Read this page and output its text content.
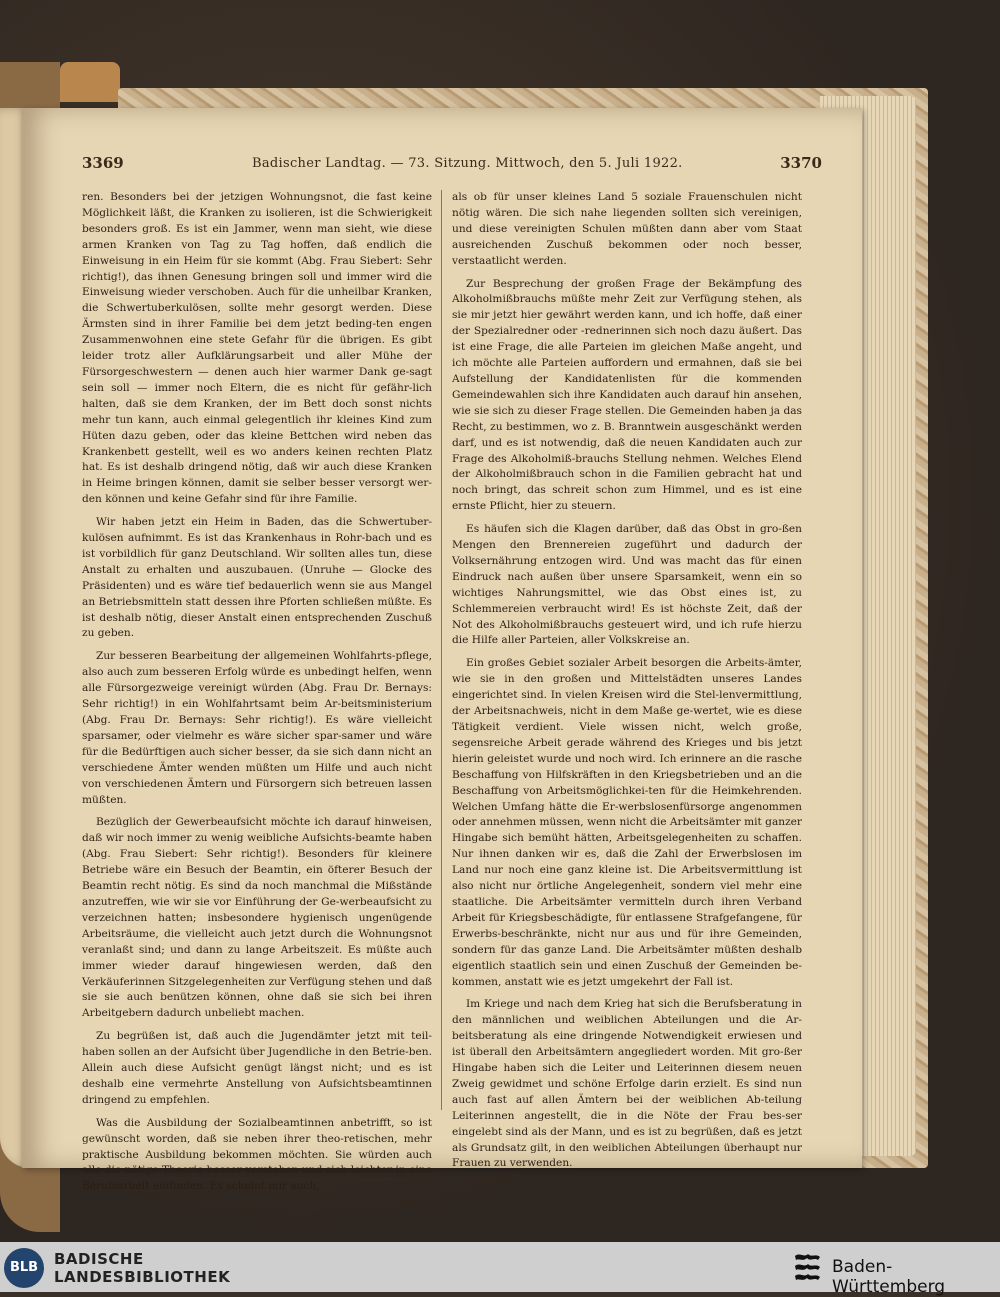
3369	Badischer Landtag. — 73. Sitzung. Mittwoch, den 5. Juli 1922.	3370

ren. Besonders bei der jetzigen Wohnungsnot, die fast keine Möglichkeit läßt, die Kranken zu isolieren, ist die Schwierigkeit besonders groß. Es ist ein Jammer, wenn man sieht, wie diese armen Kranken von Tag zu Tag hoffen, daß endlich die Einweisung in ein Heim für sie kommt (Abg. Frau Siebert: Sehr richtig!), das ihnen Genesung bringen soll und immer wird die Einweisung wieder verschoben. Auch für die unheilbar Kranken, die Schwertuberkulösen, sollte mehr gesorgt werden. Diese Ärmsten sind in ihrer Familie bei dem jetzt beding-ten engen Zusammenwohnen eine stete Gefahr für die übrigen. Es gibt leider trotz aller Aufklärungsarbeit und aller Mühe der Fürsorgeschwestern — denen auch hier warmer Dank ge-sagt sein soll — immer noch Eltern, die es nicht für gefähr-lich halten, daß sie dem Kranken, der im Bett doch sonst nichts mehr tun kann, auch einmal gelegentlich ihr kleines Kind zum Hüten dazu geben, oder das kleine Bettchen wird neben das Krankenbett gestellt, weil es wo anders keinen rechten Platz hat. Es ist deshalb dringend nötig, daß wir auch diese Kranken in Heime bringen können, damit sie selber besser versorgt wer-den können und keine Gefahr sind für ihre Familie.

Wir haben jetzt ein Heim in Baden, das die Schwertuber-kulösen aufnimmt. Es ist das Krankenhaus in Rohr-bach und es ist vorbildlich für ganz Deutschland. Wir sollten alles tun, diese Anstalt zu erhalten und auszubauen. (Unruhe — Glocke des Präsidenten) und es wäre tief bedauerlich wenn sie aus Mangel an Betriebsmitteln statt dessen ihre Pforten schließen müßte. Es ist deshalb nötig, dieser Anstalt einen entsprechenden Zuschuß zu geben.

Zur besseren Bearbeitung der allgemeinen Wohlfahrts-pflege, also auch zum besseren Erfolg würde es unbedingt helfen, wenn alle Fürsorgezweige vereinigt würden (Abg. Frau Dr. Bernays: Sehr richtig!) in ein Wohlfahrtsamt beim Ar-beitsministerium (Abg. Frau Dr. Bernays: Sehr richtig!). Es wäre vielleicht sparsamer, oder vielmehr es wäre sicher spar-samer und wäre für die Bedürftigen auch sicher besser, da sie sich dann nicht an verschiedene Ämter wenden müßten um Hilfe und auch nicht von verschiedenen Ämtern und Fürsorgern sich betreuen lassen müßten.

Bezüglich der Gewerbeaufsicht möchte ich darauf hinweisen, daß wir noch immer zu wenig weibliche Aufsichts-beamte haben (Abg. Frau Siebert: Sehr richtig!). Besonders für kleinere Betriebe wäre ein Besuch der Beamtin, ein öfterer Besuch der Beamtin recht nötig. Es sind da noch manchmal die Mißstände anzutreffen, wie wir sie vor Einführung der Ge-werbeaufsicht zu verzeichnen hatten; insbesondere hygienisch ungenügende Arbeitsräume, die vielleicht auch jetzt durch die Wohnungsnot veranlaßt sind; und dann zu lange Arbeitszeit. Es müßte auch immer wieder darauf hingewiesen werden, daß den Verkäuferinnen Sitzgelegenheiten zur Verfügung stehen und daß sie sie auch benützen können, ohne daß sie sich bei ihren Arbeitgebern dadurch unbeliebt machen.

Zu begrüßen ist, daß auch die Jugendämter jetzt mit teil-haben sollen an der Aufsicht über Jugendliche in den Betrie-ben. Allein auch diese Aufsicht genügt längst nicht; und es ist deshalb eine vermehrte Anstellung von Aufsichtsbeamtinnen dringend zu empfehlen.

Was die Ausbildung der Sozialbeamtinnen anbetrifft, so ist gewünscht worden, daß sie neben ihrer theo-retischen, mehr praktische Ausbildung bekommen möchten. Sie würden auch alle die nötige Theorie besser verstehen und sich leichter in eine Berufsarbeit einfinden. Es scheint mir auch,

als ob für unser kleines Land 5 soziale Frauenschulen nicht nötig wären. Die sich nahe liegenden sollten sich vereinigen, und diese vereinigten Schulen müßten dann aber vom Staat ausreichenden Zuschuß bekommen oder noch besser, verstaatlicht werden.

Zur Besprechung der großen Frage der Bekämpfung des Alkoholmißbrauchs müßte mehr Zeit zur Verfügung stehen, als sie mir jetzt hier gewährt werden kann, und ich hoffe, daß einer der Spezialredner oder -rednerinnen sich noch dazu äußert. Das ist eine Frage, die alle Parteien im gleichen Maße angeht, und ich möchte alle Parteien auffordern und ermahnen, daß sie bei Aufstellung der Kandidatenlisten für die kommenden Gemeindewahlen sich ihre Kandidaten auch darauf hin ansehen, wie sie sich zu dieser Frage stellen. Die Gemeinden haben ja das Recht, zu bestimmen, wo z. B. Branntwein ausgeschänkt werden darf, und es ist notwendig, daß die neuen Kandidaten auch zur Frage des Alkoholmiß-brauchs Stellung nehmen. Welches Elend der Alkoholmißbrauch schon in die Familien gebracht hat und noch bringt, das schreit schon zum Himmel, und es ist eine ernste Pflicht, hier zu steuern.

Es häufen sich die Klagen darüber, daß das Obst in gro-ßen Mengen den Brennereien zugeführt und dadurch der Volksernährung entzogen wird. Und was macht das für einen Eindruck nach außen über unsere Sparsamkeit, wenn ein so wichtiges Nahrungsmittel, wie das Obst eines ist, zu Schlemmereien verbraucht wird! Es ist höchste Zeit, daß der Not des Alkoholmißbrauchs gesteuert wird, und ich rufe hierzu die Hilfe aller Parteien, aller Volkskreise an.

Ein großes Gebiet sozialer Arbeit besorgen die Arbeits-ämter, wie sie in den großen und Mittelstädten unseres Landes eingerichtet sind. In vielen Kreisen wird die Stel-lenvermittlung, der Arbeitsnachweis, nicht in dem Maße ge-wertet, wie es diese Tätigkeit verdient. Viele wissen nicht, welch große, segensreiche Arbeit gerade während des Krieges und bis jetzt hierin geleistet wurde und noch wird. Ich erinnere an die rasche Beschaffung von Hilfskräften in den Kriegsbetrieben und an die Beschaffung von Arbeitsmöglichkei-ten für die Heimkehrenden. Welchen Umfang hätte die Er-werbslosenfürsorge angenommen oder annehmen müssen, wenn nicht die Arbeitsämter mit ganzer Hingabe sich bemüht hätten, Arbeitsgelegenheiten zu schaffen. Nur ihnen danken wir es, daß die Zahl der Erwerbslosen im Land nur noch eine ganz kleine ist. Die Arbeitsvermittlung ist also nicht nur örtliche Angelegenheit, sondern viel mehr eine staatliche. Die Arbeitsämter vermitteln durch ihren Verband Arbeit für Kriegsbeschädigte, für entlassene Strafgefangene, für Erwerbs-beschränkte, nicht nur aus und für ihre Gemeinden, sondern für das ganze Land. Die Arbeitsämter müßten deshalb eigentlich staatlich sein und einen Zuschuß der Gemeinden be-kommen, anstatt wie es jetzt umgekehrt der Fall ist.

Im Kriege und nach dem Krieg hat sich die Berufsberatung in den männlichen und weiblichen Abteilungen und die Ar-beitsberatung als eine dringende Notwendigkeit erwiesen und ist überall den Arbeitsämtern angegliedert worden. Mit gro-ßer Hingabe haben sich die Leiter und Leiterinnen diesem neuen Zweig gewidmet und schöne Erfolge darin erzielt. Es sind nun auch fast auf allen Ämtern bei der weiblichen Ab-teilung Leiterinnen angestellt, die in die Nöte der Frau bes-ser eingelebt sind als der Mann, und es ist zu begrüßen, daß es jetzt als Grundsatz gilt, in den weiblichen Abteilungen überhaupt nur Frauen zu verwenden.

BLB	BADISCHE
LANDESBIBLIOTHEK	Baden-Württemberg
